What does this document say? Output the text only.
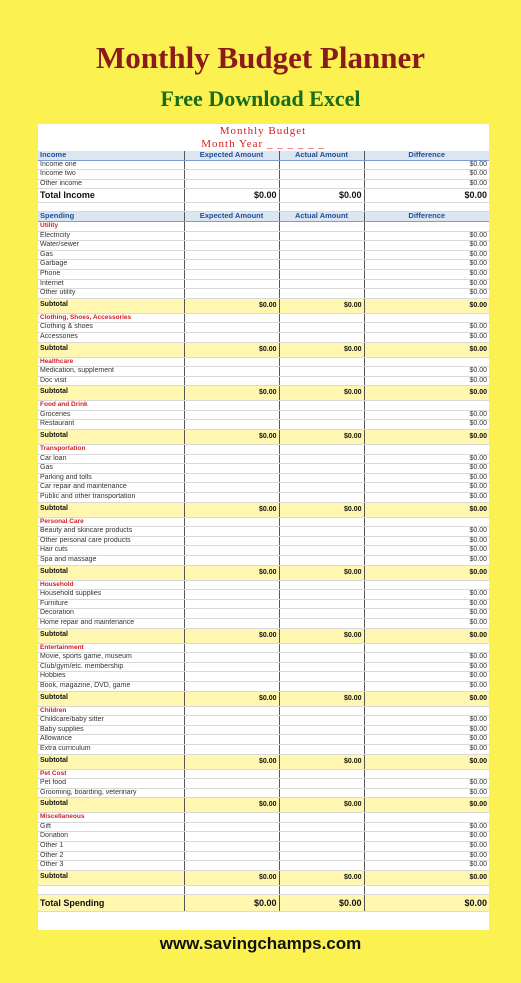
Monthly Budget Planner
Free Download Excel
Monthly Budget
Month Year _ _ _ _ _ _
Income	Expected Amount	Actual Amount	Difference
Income one			$0.00
Income two			$0.00
Other income			$0.00
Total Income	$0.00	$0.00	$0.00

Spending	Expected Amount	Actual Amount	Difference
Utility			
Electricity			$0.00
Water/sewer			$0.00
Gas			$0.00
Garbage			$0.00
Phone			$0.00
Internet			$0.00
Other utility			$0.00
Subtotal	$0.00	$0.00	$0.00
Clothing, Shoes, Accessories			
Clothing & shoes			$0.00
Accessories			$0.00
Subtotal	$0.00	$0.00	$0.00
Healthcare			
Medication, supplement			$0.00
Doc visit			$0.00
Subtotal	$0.00	$0.00	$0.00
Food and Drink			
Groceries			$0.00
Restaurant			$0.00
Subtotal	$0.00	$0.00	$0.00
Transportation			
Car loan			$0.00
Gas			$0.00
Parking and tolls			$0.00
Car repair and maintenance			$0.00
Public and other transportation			$0.00
Subtotal	$0.00	$0.00	$0.00
Personal Care			
Beauty and skincare products			$0.00
Other personal care products			$0.00
Hair cuts			$0.00
Spa and massage			$0.00
Subtotal	$0.00	$0.00	$0.00
Household			
Household supplies			$0.00
Furniture			$0.00
Decoration			$0.00
Home repair and maintenance			$0.00
Subtotal	$0.00	$0.00	$0.00
Entertainment			
Movie, sports game, museum			$0.00
Club/gym/etc. membership			$0.00
Hobbies			$0.00
Book, magazine, DVD, game			$0.00
Subtotal	$0.00	$0.00	$0.00
Children			
Childcare/baby sitter			$0.00
Baby supplies			$0.00
Allowance			$0.00
Extra curriculum			$0.00
Subtotal	$0.00	$0.00	$0.00
Pet Cost			
Pet food			$0.00
Grooming, boarding, veterinary			$0.00
Subtotal	$0.00	$0.00	$0.00
Miscellaneous			
Gift			$0.00
Donation			$0.00
Other 1			$0.00
Other 2			$0.00
Other 3			$0.00
Subtotal	$0.00	$0.00	$0.00

Total Spending	$0.00	$0.00	$0.00
www.savingchamps.com
